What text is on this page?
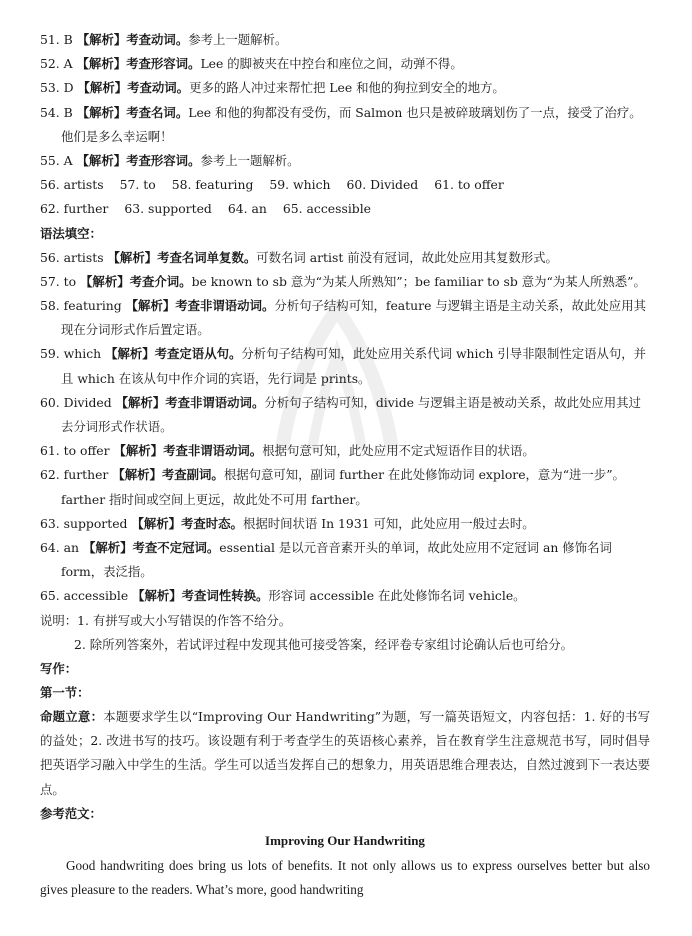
51. B 【解析】考查动词。参考上一题解析。
52. A 【解析】考查形容词。Lee 的脚被夹在中控台和座位之间，动弹不得。
53. D 【解析】考查动词。更多的路人冲过来帮忙把 Lee 和他的狗拉到安全的地方。
54. B 【解析】考查名词。Lee 和他的狗都没有受伤，而 Salmon 也只是被碎玻璃划伤了一点，接受了治疗。他们是多么幸运啊！
55. A 【解析】考查形容词。参考上一题解析。
56. artists 57. to 58. featuring 59. which 60. Divided 61. to offer
62. further 63. supported 64. an 65. accessible
语法填空：
56. artists 【解析】考查名词单复数。可数名词 artist 前没有冠词，故此处应用其复数形式。
57. to 【解析】考查介词。be known to sb 意为“为某人所熟知”；be familiar to sb 意为“为某人所熟悉”。
58. featuring 【解析】考查非谓语动词。分析句子结构可知，feature 与逻辑主语是主动关系，故此处应用其现在分词形式作后置定语。
59. which 【解析】考查定语从句。分析句子结构可知，此处应用关系代词 which 引导非限制性定语从句，并且 which 在该从句中作介词的宾语，先行词是 prints。
60. Divided 【解析】考查非谓语动词。分析句子结构可知，divide 与逻辑主语是被动关系，故此处应用其过去分词形式作状语。
61. to offer 【解析】考查非谓语动词。根据句意可知，此处应用不定式短语作目的状语。
62. further 【解析】考查副词。根据句意可知，副词 further 在此处修饰动词 explore，意为“进一步”。farther 指时间或空间上更远，故此处不可用 farther。
63. supported 【解析】考查时态。根据时间状语 In 1931 可知，此处应用一般过去时。
64. an 【解析】考查不定冠词。essential 是以元音音素开头的单词，故此处应用不定冠词 an 修饰名词 form，表泛指。
65. accessible 【解析】考查词性转换。形容词 accessible 在此处修饰名词 vehicle。
说明：1. 有拼写或大小写错误的作答不给分。
2. 除所列答案外，若试评过程中发现其他可接受答案，经评卷专家组讨论确认后也可给分。
写作：
第一节：
命题立意：本题要求学生以“Improving Our Handwriting”为题，写一篇英语短文，内容包括：1. 好的书写的益处；2. 改进书写的技巧。该设题有利于考查学生的英语核心素养，旨在教育学生注意规范书写，同时倡导把英语学习融入中学生的生活。学生可以适当发挥自己的想象力，用英语思维合理表达，自然过渡到下一表达要点。
参考范文：
Improving Our Handwriting
Good handwriting does bring us lots of benefits. It not only allows us to express ourselves better but also gives pleasure to the readers. What’s more, good handwriting
